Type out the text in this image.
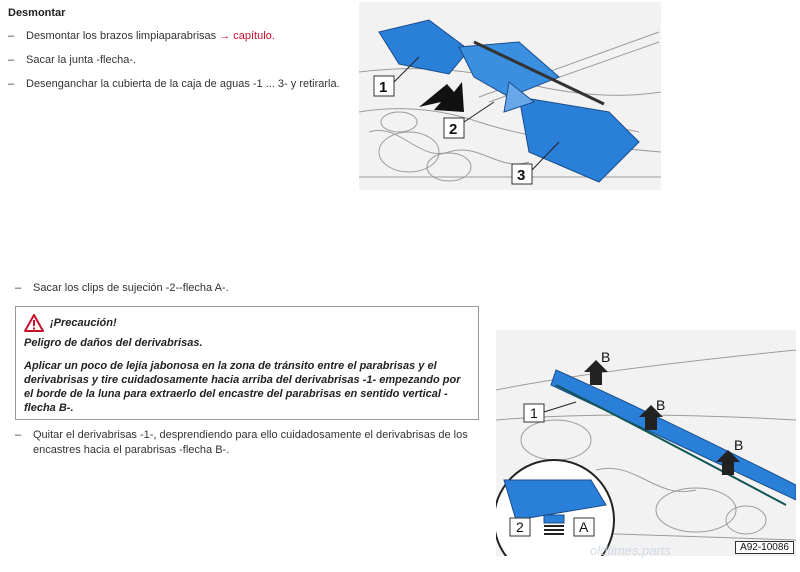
Desmontar
– Desmontar los brazos limpiaparabrisas → capítulo.
– Sacar la junta -flecha-.
– Desenganchar la cubierta de la caja de aguas -1 ... 3- y retirarla.
– Sacar los clips de sujeción -2--flecha A-.
¡Precaución!
Peligro de daños del derivabrisas.
Aplicar un poco de lejía jabonosa en la zona de tránsito entre el parabrisas y el derivabrisas y tire cuidadosamente hacia arriba del derivabrisas -1- empezando por el borde de la luna para extraerlo del encastre del parabrisas en sentido vertical -flecha B-.
–	Quitar el derivabrisas -1-, desprendiendo para ello cuidadosamente el derivabrisas de los encastres hacia el parabrisas -flecha B-.
1
2
3
1
2	A
B
B
B
A92-10086
oldtimes.parts
